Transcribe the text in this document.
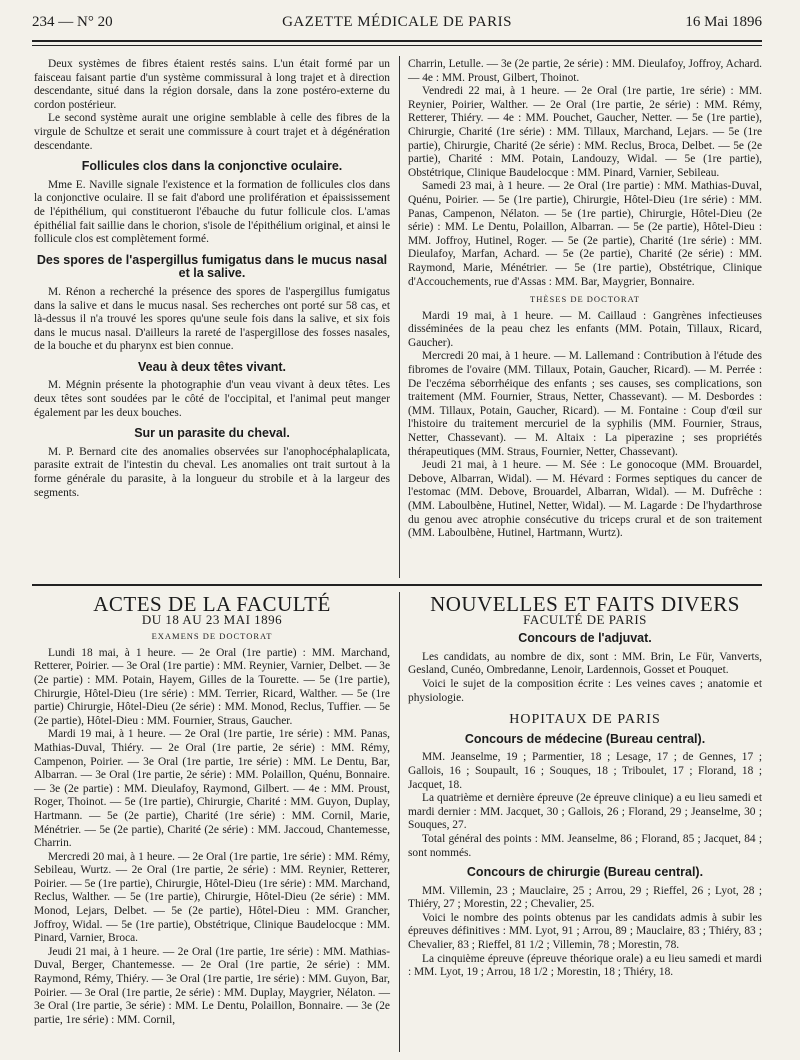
234 — N° 20	GAZETTE MÉDICALE DE PARIS	16 Mai 1896

Deux systèmes de fibres étaient restés sains. L'un était formé par un faisceau faisant partie d'un système commissural à long trajet et à direction descendante, situé dans la région dorsale, dans la zone postéro-externe du cordon postérieur.

Le second système aurait une origine semblable à celle des fibres de la virgule de Schultze et serait une commissure à court trajet et à dégénération descendante.

Follicules clos dans la conjonctive oculaire.

Mme E. Naville signale l'existence et la formation de follicules clos dans la conjonctive oculaire. Il se fait d'abord une prolifération et épaississement de l'épithélium, qui constitueront l'ébauche du futur follicule clos. L'amas épithélial fait saillie dans le chorion, s'isole de l'épithélium original, et ainsi le follicule clos est complètement formé.

Des spores de l'aspergillus fumigatus dans le mucus nasal et la salive.

M. Rénon a recherché la présence des spores de l'aspergillus fumigatus dans la salive et dans le mucus nasal. Ses recherches ont porté sur 58 cas, et là-dessus il n'a trouvé les spores qu'une seule fois dans la salive, et six fois dans le mucus nasal. D'ailleurs la rareté de l'aspergillose des fosses nasales, de la bouche et du pharynx est bien connue.

Veau à deux têtes vivant.

M. Mégnin présente la photographie d'un veau vivant à deux têtes. Les deux têtes sont soudées par le côté de l'occipital, et l'animal peut manger également par les deux bouches.

Sur un parasite du cheval.

M. P. Bernard cite des anomalies observées sur l'anophocéphalaplicata, parasite extrait de l'intestin du cheval. Les anomalies ont trait surtout à la forme générale du parasite, à la longueur du strobile et à la largeur des segments.

Charrin, Letulle. — 3e (2e partie, 2e série) : MM. Dieulafoy, Joffroy, Achard. — 4e : MM. Proust, Gilbert, Thoinot.

Vendredi 22 mai, à 1 heure. — 2e Oral (1re partie, 1re série) : MM. Reynier, Poirier, Walther. — 2e Oral (1re partie, 2e série) : MM. Rémy, Retterer, Thiéry. — 4e : MM. Pouchet, Gaucher, Netter. — 5e (1re partie), Chirurgie, Charité (1re série) : MM. Tillaux, Marchand, Lejars. — 5e (1re partie), Chirurgie, Charité (2e série) : MM. Reclus, Broca, Delbet. — 5e (2e partie), Charité : MM. Potain, Landouzy, Widal. — 5e (1re partie), Obstétrique, Clinique Baudelocque : MM. Pinard, Varnier, Sebileau.

Samedi 23 mai, à 1 heure. — 2e Oral (1re partie) : MM. Mathias-Duval, Quénu, Poirier. — 5e (1re partie), Chirurgie, Hôtel-Dieu (1re série) : MM. Panas, Campenon, Nélaton. — 5e (1re partie), Chirurgie, Hôtel-Dieu (2e série) : MM. Le Dentu, Polaillon, Albarran. — 5e (2e partie), Hôtel-Dieu : MM. Joffroy, Hutinel, Roger. — 5e (2e partie), Charité (1re série) : MM. Dieulafoy, Marfan, Achard. — 5e (2e partie), Charité (2e série) : MM. Raymond, Marie, Ménétrier. — 5e (1re partie), Obstétrique, Clinique d'Accouchements, rue d'Assas : MM. Bar, Maygrier, Bonnaire.

THÈSES DE DOCTORAT

Mardi 19 mai, à 1 heure. — M. Caillaud : Gangrènes infectieuses disséminées de la peau chez les enfants (MM. Potain, Tillaux, Ricard, Gaucher).

Mercredi 20 mai, à 1 heure. — M. Lallemand : Contribution à l'étude des fibromes de l'ovaire (MM. Tillaux, Potain, Gaucher, Ricard). — M. Perrée : De l'eczéma séborrhéique des enfants ; ses causes, ses complications, son traitement (MM. Fournier, Straus, Netter, Chassevant). — M. Desbordes : (MM. Tillaux, Potain, Gaucher, Ricard). — M. Fontaine : Coup d'œil sur l'histoire du traitement mercuriel de la syphilis (MM. Fournier, Straus, Netter, Chassevant). — M. Altaix : La piperazine ; ses propriétés thérapeutiques (MM. Straus, Fournier, Netter, Chassevant).

Jeudi 21 mai, à 1 heure. — M. Sée : Le gonocoque (MM. Brouardel, Debove, Albarran, Widal). — M. Hévard : Formes septiques du cancer de l'estomac (MM. Debove, Brouardel, Albarran, Widal). — M. Dufrêche : (MM. Laboulbène, Hutinel, Netter, Widal). — M. Lagarde : De l'hydarthrose du genou avec atrophie consécutive du triceps crural et de son traitement (MM. Laboulbène, Hutinel, Hartmann, Wurtz).

ACTES DE LA FACULTÉ
DU 18 AU 23 MAI 1896
EXAMENS DE DOCTORAT

Lundi 18 mai, à 1 heure. — 2e Oral (1re partie) : MM. Marchand, Retterer, Poirier. — 3e Oral (1re partie) : MM. Reynier, Varnier, Delbet. — 3e (2e partie) : MM. Potain, Hayem, Gilles de la Tourette. — 5e (1re partie), Chirurgie, Hôtel-Dieu (1re série) : MM. Terrier, Ricard, Walther. — 5e (1re partie) Chirurgie, Hôtel-Dieu (2e série) : MM. Monod, Reclus, Tuffier. — 5e (2e partie), Hôtel-Dieu : MM. Fournier, Straus, Gaucher.

Mardi 19 mai, à 1 heure. — 2e Oral (1re partie, 1re série) : MM. Panas, Mathias-Duval, Thiéry. — 2e Oral (1re partie, 2e série) : MM. Rémy, Campenon, Poirier. — 3e Oral (1re partie, 1re série) : MM. Le Dentu, Bar, Albarran. — 3e Oral (1re partie, 2e série) : MM. Polaillon, Quénu, Bonnaire. — 3e (2e partie) : MM. Dieulafoy, Raymond, Gilbert. — 4e : MM. Proust, Roger, Thoinot. — 5e (1re partie), Chirurgie, Charité : MM. Guyon, Duplay, Hartmann. — 5e (2e partie), Charité (1re série) : MM. Cornil, Marie, Ménétrier. — 5e (2e partie), Charité (2e série) : MM. Jaccoud, Chantemesse, Charrin.

Mercredi 20 mai, à 1 heure. — 2e Oral (1re partie, 1re série) : MM. Rémy, Sebileau, Wurtz. — 2e Oral (1re partie, 2e série) : MM. Reynier, Retterer, Poirier. — 5e (1re partie), Chirurgie, Hôtel-Dieu (1re série) : MM. Marchand, Reclus, Walther. — 5e (1re partie), Chirurgie, Hôtel-Dieu (2e série) : MM. Monod, Lejars, Delbet. — 5e (2e partie), Hôtel-Dieu : MM. Grancher, Joffroy, Widal. — 5e (1re partie), Obstétrique, Clinique Baudelocque : MM. Pinard, Varnier, Broca.

Jeudi 21 mai, à 1 heure. — 2e Oral (1re partie, 1re série) : MM. Mathias-Duval, Berger, Chantemesse. — 2e Oral (1re partie, 2e série) : MM. Raymond, Rémy, Thiéry. — 3e Oral (1re partie, 1re série) : MM. Guyon, Bar, Poirier. — 3e Oral (1re partie, 2e série) : MM. Duplay, Maygrier, Nélaton. — 3e Oral (1re partie, 3e série) : MM. Le Dentu, Polaillon, Bonnaire. — 3e (2e partie, 1re série) : MM. Cornil,

NOUVELLES ET FAITS DIVERS
FACULTÉ DE PARIS
Concours de l'adjuvat.

Les candidats, au nombre de dix, sont : MM. Brin, Le Für, Vanverts, Gesland, Cunéo, Ombredanne, Lenoir, Lardennois, Gosset et Pouquet.

Voici le sujet de la composition écrite : Les veines caves ; anatomie et physiologie.

HOPITAUX DE PARIS
Concours de médecine (Bureau central).

MM. Jeanselme, 19 ; Parmentier, 18 ; Lesage, 17 ; de Gennes, 17 ; Gallois, 16 ; Soupault, 16 ; Souques, 18 ; Triboulet, 17 ; Florand, 18 ; Jacquet, 18.

La quatrième et dernière épreuve (2e épreuve clinique) a eu lieu samedi et mardi dernier : MM. Jacquet, 30 ; Gallois, 26 ; Florand, 29 ; Jeanselme, 30 ; Souques, 27.

Total général des points : MM. Jeanselme, 86 ; Florand, 85 ; Jacquet, 84 ; sont nommés.

Concours de chirurgie (Bureau central).

MM. Villemin, 23 ; Mauclaire, 25 ; Arrou, 29 ; Rieffel, 26 ; Lyot, 28 ; Thiéry, 27 ; Morestin, 22 ; Chevalier, 25.

Voici le nombre des points obtenus par les candidats admis à subir les épreuves définitives : MM. Lyot, 91 ; Arrou, 89 ; Mauclaire, 83 ; Thiéry, 83 ; Chevalier, 83 ; Rieffel, 81 1/2 ; Villemin, 78 ; Morestin, 78.

La cinquième épreuve (épreuve théorique orale) a eu lieu samedi et mardi : MM. Lyot, 19 ; Arrou, 18 1/2 ; Morestin, 18 ; Thiéry, 18.
